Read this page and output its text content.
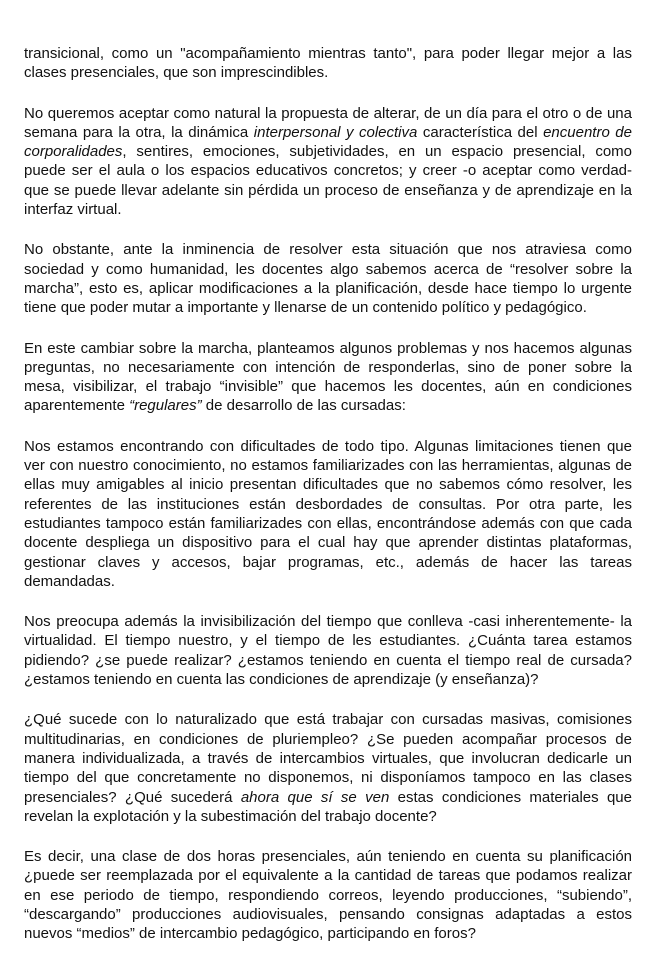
transicional, como un "acompañamiento mientras tanto", para poder llegar mejor a las clases presenciales, que son imprescindibles.

No queremos aceptar como natural la propuesta de alterar, de un día para el otro o de una semana para la otra, la dinámica interpersonal y colectiva característica del encuentro de corporalidades, sentires, emociones, subjetividades, en un espacio presencial, como puede ser el aula o los espacios educativos concretos; y creer -o aceptar como verdad- que se puede llevar adelante sin pérdida un proceso de enseñanza y de aprendizaje en la interfaz virtual.

No obstante, ante la inminencia de resolver esta situación que nos atraviesa como sociedad y como humanidad, les docentes algo sabemos acerca de “resolver sobre la marcha”, esto es, aplicar modificaciones a la planificación, desde hace tiempo lo urgente tiene que poder mutar a importante y llenarse de un contenido político y pedagógico.

En este cambiar sobre la marcha, planteamos algunos problemas y nos hacemos algunas preguntas, no necesariamente con intención de responderlas, sino de poner sobre la mesa, visibilizar, el trabajo “invisible” que hacemos les docentes, aún en condiciones aparentemente “regulares” de desarrollo de las cursadas:

Nos estamos encontrando con dificultades de todo tipo. Algunas limitaciones tienen que ver con nuestro conocimiento, no estamos familiarizades con las herramientas, algunas de ellas muy amigables al inicio presentan dificultades que no sabemos cómo resolver, les referentes de las instituciones están desbordades de consultas. Por otra parte, les estudiantes tampoco están familiarizades con ellas, encontrándose además con que cada docente despliega un dispositivo para el cual hay que aprender distintas plataformas, gestionar claves y accesos, bajar programas, etc., además de hacer las tareas demandadas.

Nos preocupa además la invisibilización del tiempo que conlleva -casi inherentemente- la virtualidad. El tiempo nuestro, y el tiempo de les estudiantes. ¿Cuánta tarea estamos pidiendo? ¿se puede realizar? ¿estamos teniendo en cuenta el tiempo real de cursada? ¿estamos teniendo en cuenta las condiciones de aprendizaje (y enseñanza)?

¿Qué sucede con lo naturalizado que está trabajar con cursadas masivas, comisiones multitudinarias, en condiciones de pluriempleo? ¿Se pueden acompañar procesos de manera individualizada, a través de intercambios virtuales, que involucran dedicarle un tiempo del que concretamente no disponemos, ni disponíamos tampoco en las clases presenciales? ¿Qué sucederá ahora que sí se ven estas condiciones materiales que revelan la explotación y la subestimación del trabajo docente?

Es decir, una clase de dos horas presenciales, aún teniendo en cuenta su planificación ¿puede ser reemplazada por el equivalente a la cantidad de tareas que podamos realizar en ese periodo de tiempo, respondiendo correos, leyendo producciones, “subiendo”, “descargando” producciones audiovisuales, pensando consignas adaptadas a estos nuevos “medios” de intercambio pedagógico, participando en foros?
